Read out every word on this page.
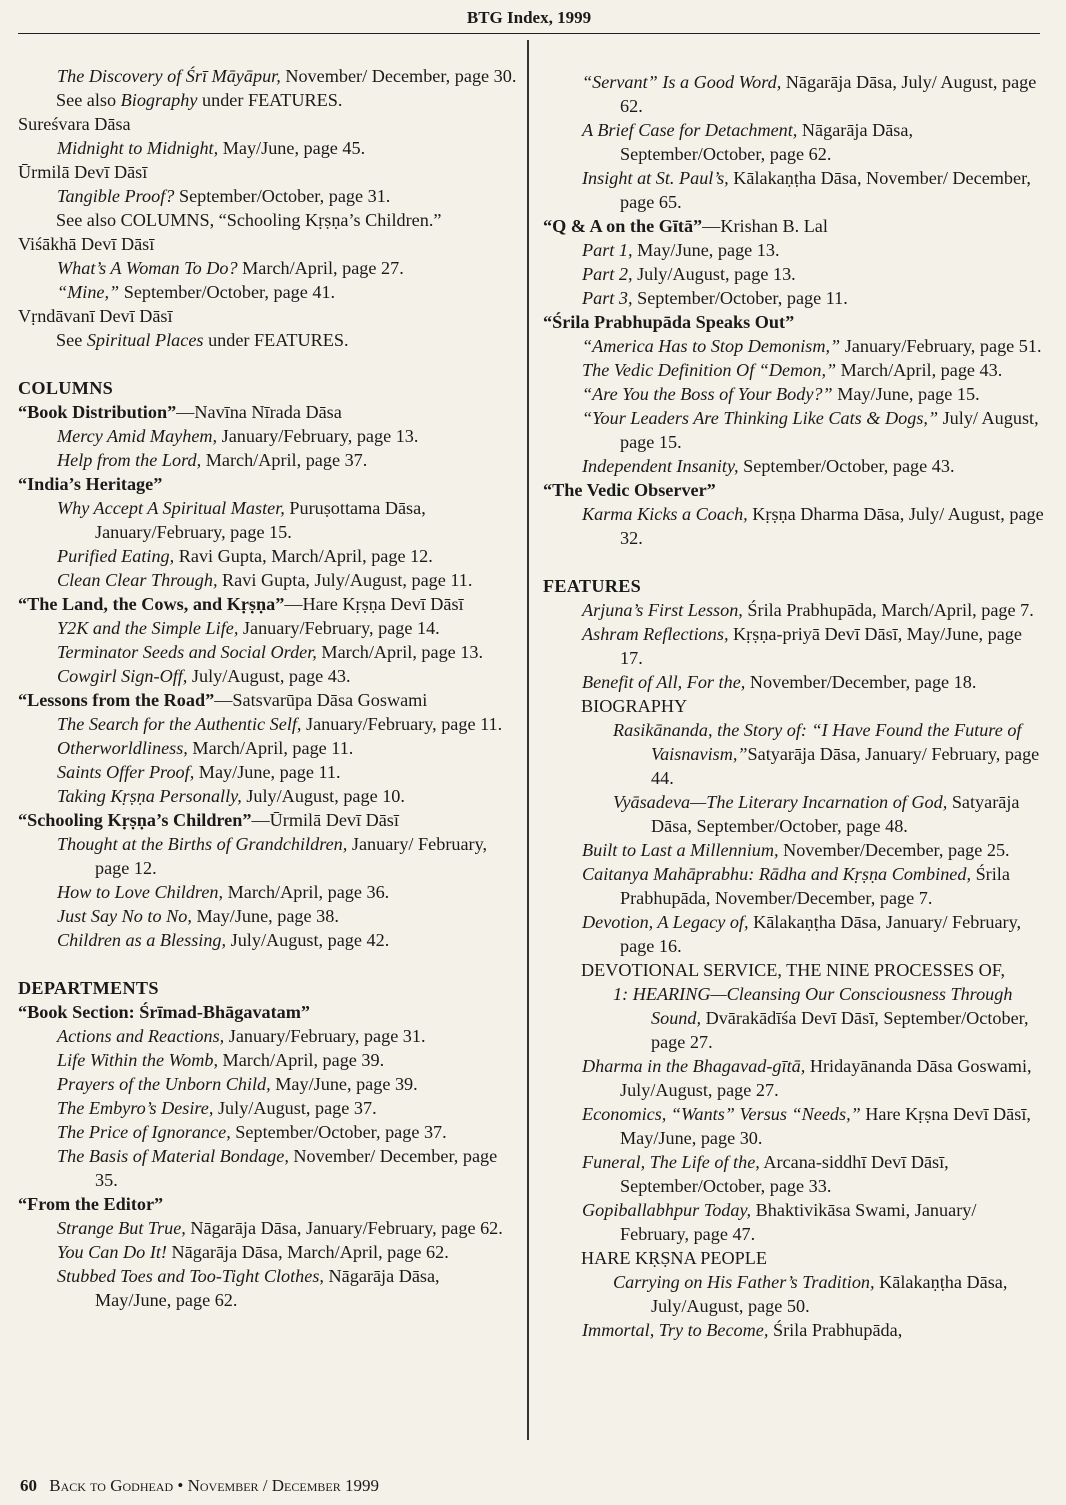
BTG Index, 1999
The Discovery of Śrī Māyāpur, November/ December, page 30.
See also Biography under FEATURES.
Sureśvara Dāsa
Midnight to Midnight, May/June, page 45.
Ūrmilā Devī Dāsī
Tangible Proof? September/October, page 31.
See also COLUMNS, “Schooling Kṛṣṇa’s Children.”
Viśākhā Devī Dāsī
What’s A Woman To Do? March/April, page 27.
“Mine,” September/October, page 41.
Vṛndāvanī Devī Dāsī
See Spiritual Places under FEATURES.
COLUMNS
“Book Distribution”—Navīna Nīrada Dāsa
Mercy Amid Mayhem, January/February, page 13.
Help from the Lord, March/April, page 37.
“India’s Heritage”
Why Accept A Spiritual Master, Puruṣottama Dāsa, January/February, page 15.
Purified Eating, Ravi Gupta, March/April, page 12.
Clean Clear Through, Ravi Gupta, July/August, page 11.
“The Land, the Cows, and Kṛṣṇa”—Hare Kṛṣṇa Devī Dāsī
Y2K and the Simple Life, January/February, page 14.
Terminator Seeds and Social Order, March/April, page 13.
Cowgirl Sign-Off, July/August, page 43.
“Lessons from the Road”—Satsvarūpa Dāsa Goswami
The Search for the Authentic Self, January/February, page 11.
Otherworldliness, March/April, page 11.
Saints Offer Proof, May/June, page 11.
Taking Kṛṣṇa Personally, July/August, page 10.
“Schooling Kṛṣṇa’s Children”—Ūrmilā Devī Dāsī
Thought at the Births of Grandchildren, January/ February, page 12.
How to Love Children, March/April, page 36.
Just Say No to No, May/June, page 38.
Children as a Blessing, July/August, page 42.
DEPARTMENTS
“Book Section: Śrīmad-Bhāgavatam”
Actions and Reactions, January/February, page 31.
Life Within the Womb, March/April, page 39.
Prayers of the Unborn Child, May/June, page 39.
The Embyro’s Desire, July/August, page 37.
The Price of Ignorance, September/October, page 37.
The Basis of Material Bondage, November/ December, page 35.
“From the Editor”
Strange But True, Nāgarāja Dāsa, January/February, page 62.
You Can Do It! Nāgarāja Dāsa, March/April, page 62.
Stubbed Toes and Too-Tight Clothes, Nāgarāja Dāsa, May/June, page 62.
“Servant” Is a Good Word, Nāgarāja Dāsa, July/ August, page 62.
A Brief Case for Detachment, Nāgarāja Dāsa, September/October, page 62.
Insight at St. Paul’s, Kālakaṇṭha Dāsa, November/ December, page 65.
“Q & A on the Gītā”—Krishan B. Lal
Part 1, May/June, page 13.
Part 2, July/August, page 13.
Part 3, September/October, page 11.
“Śrila Prabhupāda Speaks Out”
“America Has to Stop Demonism,” January/February, page 51.
The Vedic Definition Of “Demon,” March/April, page 43.
“Are You the Boss of Your Body?” May/June, page 15.
“Your Leaders Are Thinking Like Cats & Dogs,” July/ August, page 15.
Independent Insanity, September/October, page 43.
“The Vedic Observer”
Karma Kicks a Coach, Kṛṣṇa Dharma Dāsa, July/ August, page 32.
FEATURES
Arjuna’s First Lesson, Śrila Prabhupāda, March/April, page 7.
Ashram Reflections, Kṛṣṇa-priyā Devī Dāsī, May/June, page 17.
Benefit of All, For the, November/December, page 18.
BIOGRAPHY
Rasikānanda, the Story of: “I Have Found the Future of Vaisnavism,”Satyarāja Dāsa, January/ February, page 44.
Vyāsadeva—The Literary Incarnation of God, Satyarāja Dāsa, September/October, page 48.
Built to Last a Millennium, November/December, page 25.
Caitanya Mahāprabhu: Rādha and Kṛṣṇa Combined, Śrila Prabhupāda, November/December, page 7.
Devotion, A Legacy of, Kālakaṇṭha Dāsa, January/ February, page 16.
DEVOTIONAL SERVICE, THE NINE PROCESSES OF,
1: HEARING—Cleansing Our Consciousness Through Sound, Dvārakādīśa Devī Dāsī, September/October, page 27.
Dharma in the Bhagavad-gītā, Hridayānanda Dāsa Goswami, July/August, page 27.
Economics, “Wants” Versus “Needs,” Hare Kṛṣna Devī Dāsī, May/June, page 30.
Funeral, The Life of the, Arcana-siddhī Devī Dāsī, September/October, page 33.
Gopiballabhpur Today, Bhaktivikāsa Swami, January/ February, page 47.
HARE KṚṢNA PEOPLE
Carrying on His Father’s Tradition, Kālakaṇṭha Dāsa, July/August, page 50.
Immortal, Try to Become, Śrila Prabhupāda,
60 Back to Godhead • November / December 1999
